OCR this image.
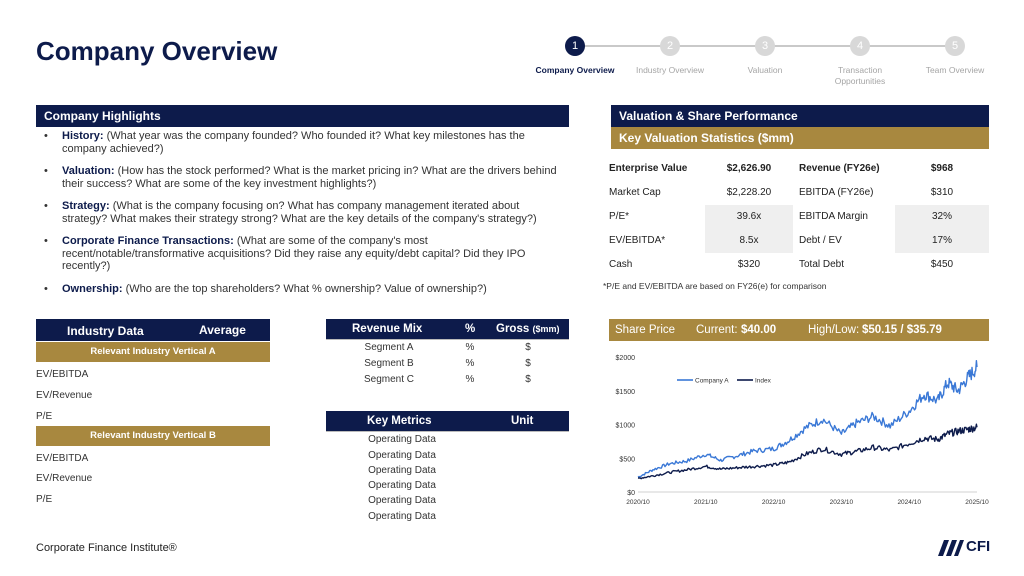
Company Overview	1	2	3	4	5
Company Overview	Industry Overview	Valuation	Transaction Opportunities
Team Overview
Company Highlights
• History: (What year was the company founded? Who founded it? What key milestones has the company achieved?)
• Valuation: (How has the stock performed? What is the market pricing in? What are the drivers behind their success? What are some of the key investment highlights?)
• Strategy: (What is the company focusing on? What has company management iterated about strategy? What makes their strategy strong? What are the key details of the company's strategy?)
• Corporate Finance Transactions: (What are some of the company's most recent/notable/transformative acquisitions? Did they raise any equity/debt capital? Did they IPO recently?)
• Ownership: (Who are the top shareholders? What % ownership? Value of ownership?)
Valuation & Share Performance
Key Valuation Statistics ($mm)
Enterprise Value	$2,626.90	Revenue (FY26e)	$968
Market Cap	$2,228.20	EBITDA (FY26e)	$310
P/E*	39.6x	EBITDA Margin	32%
EV/EBITDA*	8.5x	Debt / EV	17%
Cash	$320	Total Debt	$450
*P/E and EV/EBITDA are based on FY26(e) for comparison
Industry Data	Average
Relevant Industry Vertical A
EV/EBITDA
EV/Revenue
P/E
Relevant Industry Vertical B
EV/EBITDA
EV/Revenue
P/E
Revenue Mix	% Gross ($mm)
Segment A	%	$
Segment B	%	$
Segment C	%	$
Key Metrics	Unit
Operating Data
Operating Data
Operating Data
Operating Data
Operating Data
Operating Data
Share Price Current: $40.00	High/Low: $50.15 / $35.79
$0
$500
$1000
$1500
$2000
2020/10	2021/10	2022/10	2023/10	2024/10	2025/10
Company A	Index
Corporate Finance Institute®	CFI
